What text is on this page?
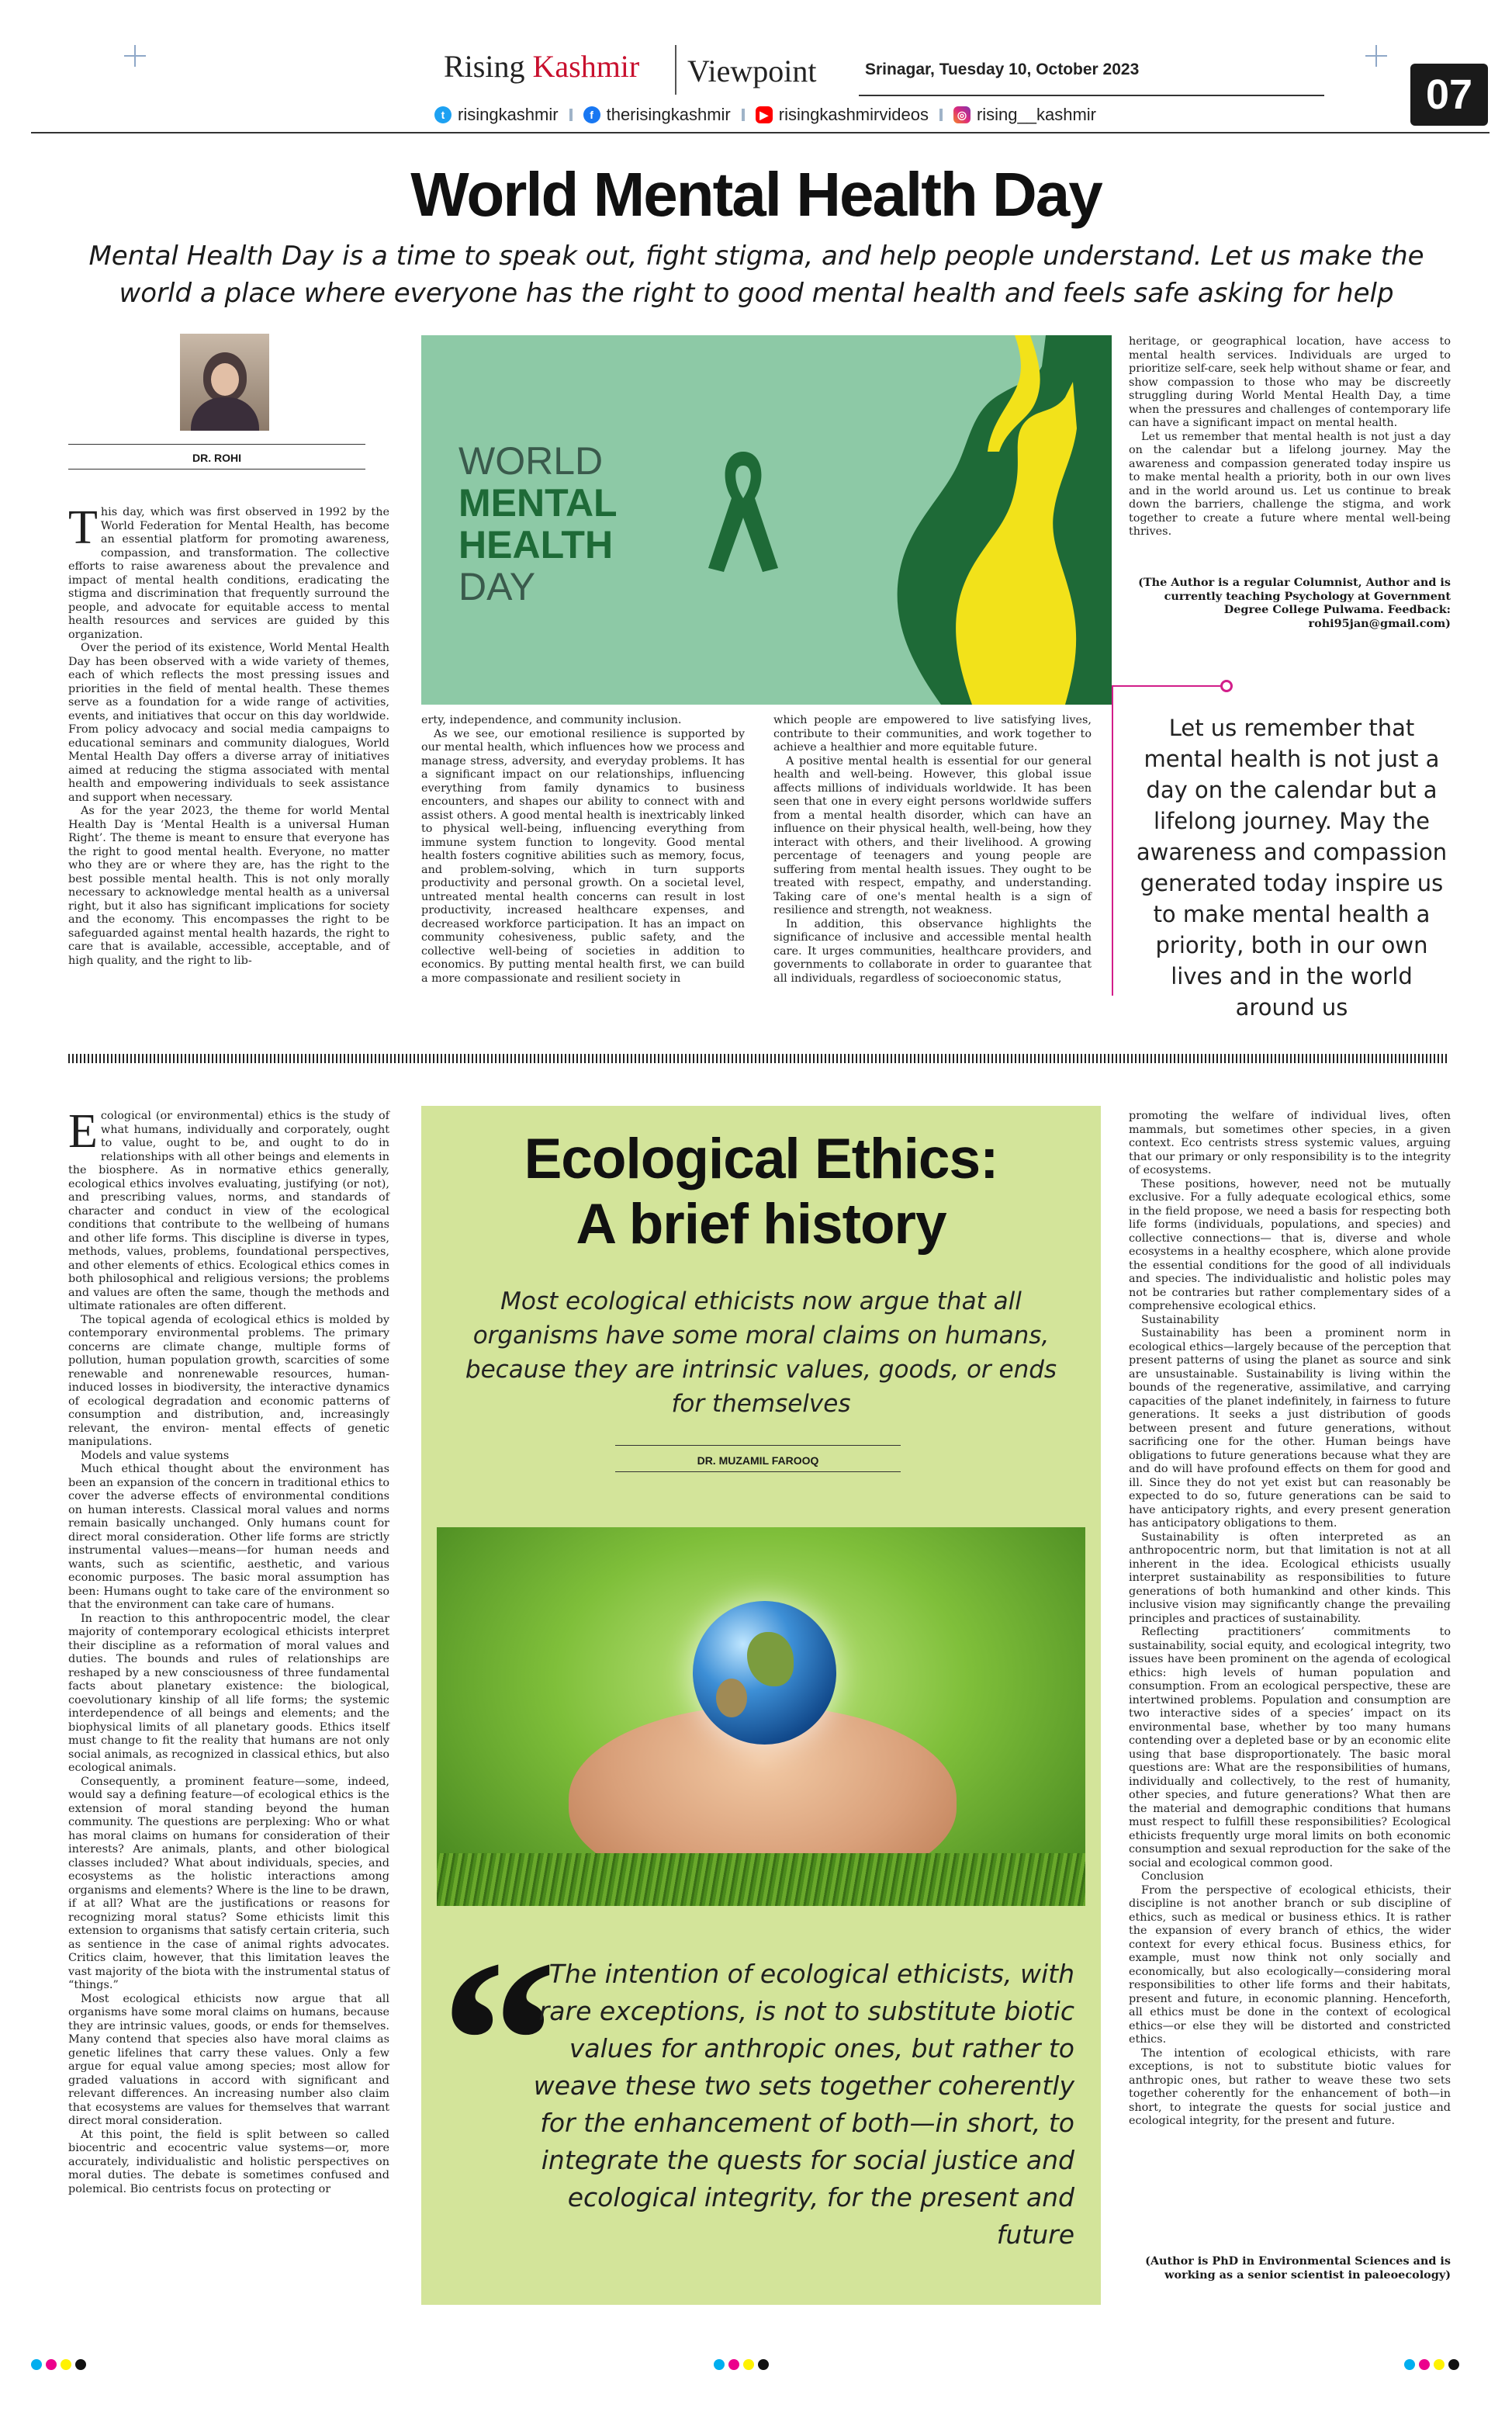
Rising Kashmir Viewpoint	Srinagar, Tuesday 10, October 2023
07
t risingkashmir	f therisingkashmir	▶ risingkashmirvideos	◎ rising__kashmir
World Mental Health Day
Mental Health Day is a time to speak out, fight stigma, and help people understand. Let us make the world a place where everyone has the right to good mental health and feels safe asking for help
DR. ROHI

This day, which was first observed in 1992 by the World Federation for Mental Health, has become an essential platform for promoting awareness, compassion, and transformation. The collective efforts to raise awareness about the prevalence and impact of mental health conditions, eradicating the stigma and discrimination that frequently surround the people, and advocate for equitable access to mental health resources and services are guided by this organization.

Over the period of its existence, World Mental Health Day has been observed with a wide variety of themes, each of which reflects the most pressing issues and priorities in the field of mental health. These themes serve as a foundation for a wide range of activities, events, and initiatives that occur on this day worldwide. From policy advocacy and social media campaigns to educational seminars and community dialogues, World Mental Health Day offers a diverse array of initiatives aimed at reducing the stigma associated with mental health and empowering individuals to seek assistance and support when necessary.

As for the year 2023, the theme for world Mental Health Day is ‘Mental Health is a universal Human Right’. The theme is meant to ensure that everyone has the right to good mental health. Everyone, no matter who they are or where they are, has the right to the best possible mental health. This is not only morally necessary to acknowledge mental health as a universal right, but it also has significant implications for society and the economy. This encompasses the right to be safeguarded against mental health hazards, the right to care that is available, accessible, acceptable, and of high quality, and the right to lib-

WORLD
MENTAL
HEALTH
DAY

erty, independence, and community inclusion.

As we see, our emotional resilience is supported by our mental health, which influences how we process and manage stress, adversity, and everyday problems. It has a significant impact on our relationships, influencing everything from family dynamics to business encounters, and shapes our ability to connect with and assist others. A good mental health is inextricably linked to physical well-being, influencing everything from immune system function to longevity. Good mental health fosters cognitive abilities such as memory, focus, and problem-solving, which in turn supports productivity and personal growth. On a societal level, untreated mental health concerns can result in lost productivity, increased healthcare expenses, and decreased workforce participation. It has an impact on community cohesiveness, public safety, and the collective well-being of societies in addition to economics. By putting mental health first, we can build a more compassionate and resilient society in

which people are empowered to live satisfying lives, contribute to their communities, and work together to achieve a healthier and more equitable future.

A positive mental health is essential for our general health and well-being. However, this global issue affects millions of individuals worldwide. It has been seen that one in every eight persons worldwide suffers from a mental health disorder, which can have an influence on their physical health, well-being, how they interact with others, and their livelihood. A growing percentage of teenagers and young people are suffering from mental health issues. They ought to be treated with respect, empathy, and understanding. Taking care of one's mental health is a sign of resilience and strength, not weakness.

In addition, this observance highlights the significance of inclusive and accessible mental health care. It urges communities, healthcare providers, and governments to collaborate in order to guarantee that all individuals, regardless of socioeconomic status,

heritage, or geographical location, have access to mental health services. Individuals are urged to prioritize self-care, seek help without shame or fear, and show compassion to those who may be discreetly struggling during World Mental Health Day, a time when the pressures and challenges of contemporary life can have a significant impact on mental health.

Let us remember that mental health is not just a day on the calendar but a lifelong journey. May the awareness and compassion generated today inspire us to make mental health a priority, both in our own lives and in the world around us. Let us continue to break down the barriers, challenge the stigma, and work together to create a future where mental well-being thrives.

(The Author is a regular Columnist, Author and is currently teaching Psychology at Government Degree College Pulwama. Feedback: rohi95jan@gmail.com)
Let us remember that mental health is not just a day on the calendar but a lifelong journey. May the awareness and compassion generated today inspire us to make mental health a priority, both in our own lives and in the world around us

Ecological (or environmental) ethics is the study of what humans, individually and corporately, ought to value, ought to be, and ought to do in relationships with all other beings and elements in the biosphere. As in normative ethics generally, ecological ethics involves evaluating, justifying (or not), and prescribing values, norms, and standards of character and conduct in view of the ecological conditions that contribute to the wellbeing of humans and other life forms. This discipline is diverse in types, methods, values, problems, foundational perspectives, and other elements of ethics. Ecological ethics comes in both philosophical and religious versions; the problems and values are often the same, though the methods and ultimate rationales are often different.

The topical agenda of ecological ethics is molded by contemporary environmental problems. The primary concerns are climate change, multiple forms of pollution, human population growth, scarcities of some renewable and nonrenewable resources, human-induced losses in biodiversity, the interactive dynamics of ecological degradation and economic patterns of consumption and distribution, and, increasingly relevant, the environ- mental effects of genetic manipulations.

Models and value systems

Much ethical thought about the environment has been an expansion of the concern in traditional ethics to cover the adverse effects of environmental conditions on human interests. Classical moral values and norms remain basically unchanged. Only humans count for direct moral consideration. Other life forms are strictly instrumental values—means—for human needs and wants, such as scientific, aesthetic, and various economic purposes. The basic moral assumption has been: Humans ought to take care of the environment so that the environment can take care of humans.

In reaction to this anthropocentric model, the clear majority of contemporary ecological ethicists interpret their discipline as a reformation of moral values and duties. The bounds and rules of relationships are reshaped by a new consciousness of three fundamental facts about planetary existence: the biological, coevolutionary kinship of all life forms; the systemic interdependence of all beings and elements; and the biophysical limits of all planetary goods. Ethics itself must change to fit the reality that humans are not only social animals, as recognized in classical ethics, but also ecological animals.

Consequently, a prominent feature—some, indeed, would say a defining feature—of ecological ethics is the extension of moral standing beyond the human community. The questions are perplexing: Who or what has moral claims on humans for consideration of their interests? Are animals, plants, and other biological classes included? What about individuals, species, and ecosystems as the holistic interactions among organisms and elements? Where is the line to be drawn, if at all? What are the justifications or reasons for recognizing moral status? Some ethicists limit this extension to organisms that satisfy certain criteria, such as sentience in the case of animal rights advocates. Critics claim, however, that this limitation leaves the vast majority of the biota with the instrumental status of “things.”

Most ecological ethicists now argue that all organisms have some moral claims on humans, because they are intrinsic values, goods, or ends for themselves. Many contend that species also have moral claims as genetic lifelines that carry these values. Only a few argue for equal value among species; most allow for graded valuations in accord with significant and relevant differences. An increasing number also claim that ecosystems are values for themselves that warrant direct moral consideration.

At this point, the field is split between so called biocentric and ecocentric value systems—or, more accurately, individualistic and holistic perspectives on moral duties. The debate is sometimes confused and polemical. Bio centrists focus on protecting or

Ecological Ethics:
A brief history
Most ecological ethicists now argue that all organisms have some moral claims on humans, because they are intrinsic values, goods, or ends for themselves
DR. MUZAMIL FAROOQ
“
The intention of ecological ethicists, with rare exceptions, is not to substitute biotic values for anthropic ones, but rather to weave these two sets together coherently for the enhancement of both—in short, to integrate the quests for social justice and ecological integrity, for the present and future

promoting the welfare of individual lives, often mammals, but sometimes other species, in a given context. Eco centrists stress systemic values, arguing that our primary or only responsibility is to the integrity of ecosystems.

These positions, however, need not be mutually exclusive. For a fully adequate ecological ethics, some in the field propose, we need a basis for respecting both life forms (individuals, populations, and species) and collective connections— that is, diverse and whole ecosystems in a healthy ecosphere, which alone provide the essential conditions for the good of all individuals and species. The individualistic and holistic poles may not be contraries but rather complementary sides of a comprehensive ecological ethics.

Sustainability

Sustainability has been a prominent norm in ecological ethics—largely because of the perception that present patterns of using the planet as source and sink are unsustainable. Sustainability is living within the bounds of the regenerative, assimilative, and carrying capacities of the planet indefinitely, in fairness to future generations. It seeks a just distribution of goods between present and future generations, without sacrificing one for the other. Human beings have obligations to future generations because what they are and do will have profound effects on them for good and ill. Since they do not yet exist but can reasonably be expected to do so, future generations can be said to have anticipatory rights, and every present generation has anticipatory obligations to them.

Sustainability is often interpreted as an anthropocentric norm, but that limitation is not at all inherent in the idea. Ecological ethicists usually interpret sustainability as responsibilities to future generations of both humankind and other kinds. This inclusive vision may significantly change the prevailing principles and practices of sustainability.

Reflecting practitioners’ commitments to sustainability, social equity, and ecological integrity, two issues have been prominent on the agenda of ecological ethics: high levels of human population and consumption. From an ecological perspective, these are intertwined problems. Population and consumption are two interactive sides of a species’ impact on its environmental base, whether by too many humans contending over a depleted base or by an economic elite using that base disproportionately. The basic moral questions are: What are the responsibilities of humans, individually and collectively, to the rest of humanity, other species, and future generations? What then are the material and demographic conditions that humans must respect to fulfill these responsibilities? Ecological ethicists frequently urge moral limits on both economic consumption and sexual reproduction for the sake of the social and ecological common good.

Conclusion

From the perspective of ecological ethicists, their discipline is not another branch or sub discipline of ethics, such as medical or business ethics. It is rather the expansion of every branch of ethics, the wider context for every ethical focus. Business ethics, for example, must now think not only socially and economically, but also ecologically—considering moral responsibilities to other life forms and their habitats, present and future, in economic planning. Henceforth, all ethics must be done in the context of ecological ethics—or else they will be distorted and constricted ethics.

The intention of ecological ethicists, with rare exceptions, is not to substitute biotic values for anthropic ones, but rather to weave these two sets together coherently for the enhancement of both—in short, to integrate the quests for social justice and ecological integrity, for the present and future.

(Author is PhD in Environmental Sciences and is working as a senior scientist in paleoecology)
